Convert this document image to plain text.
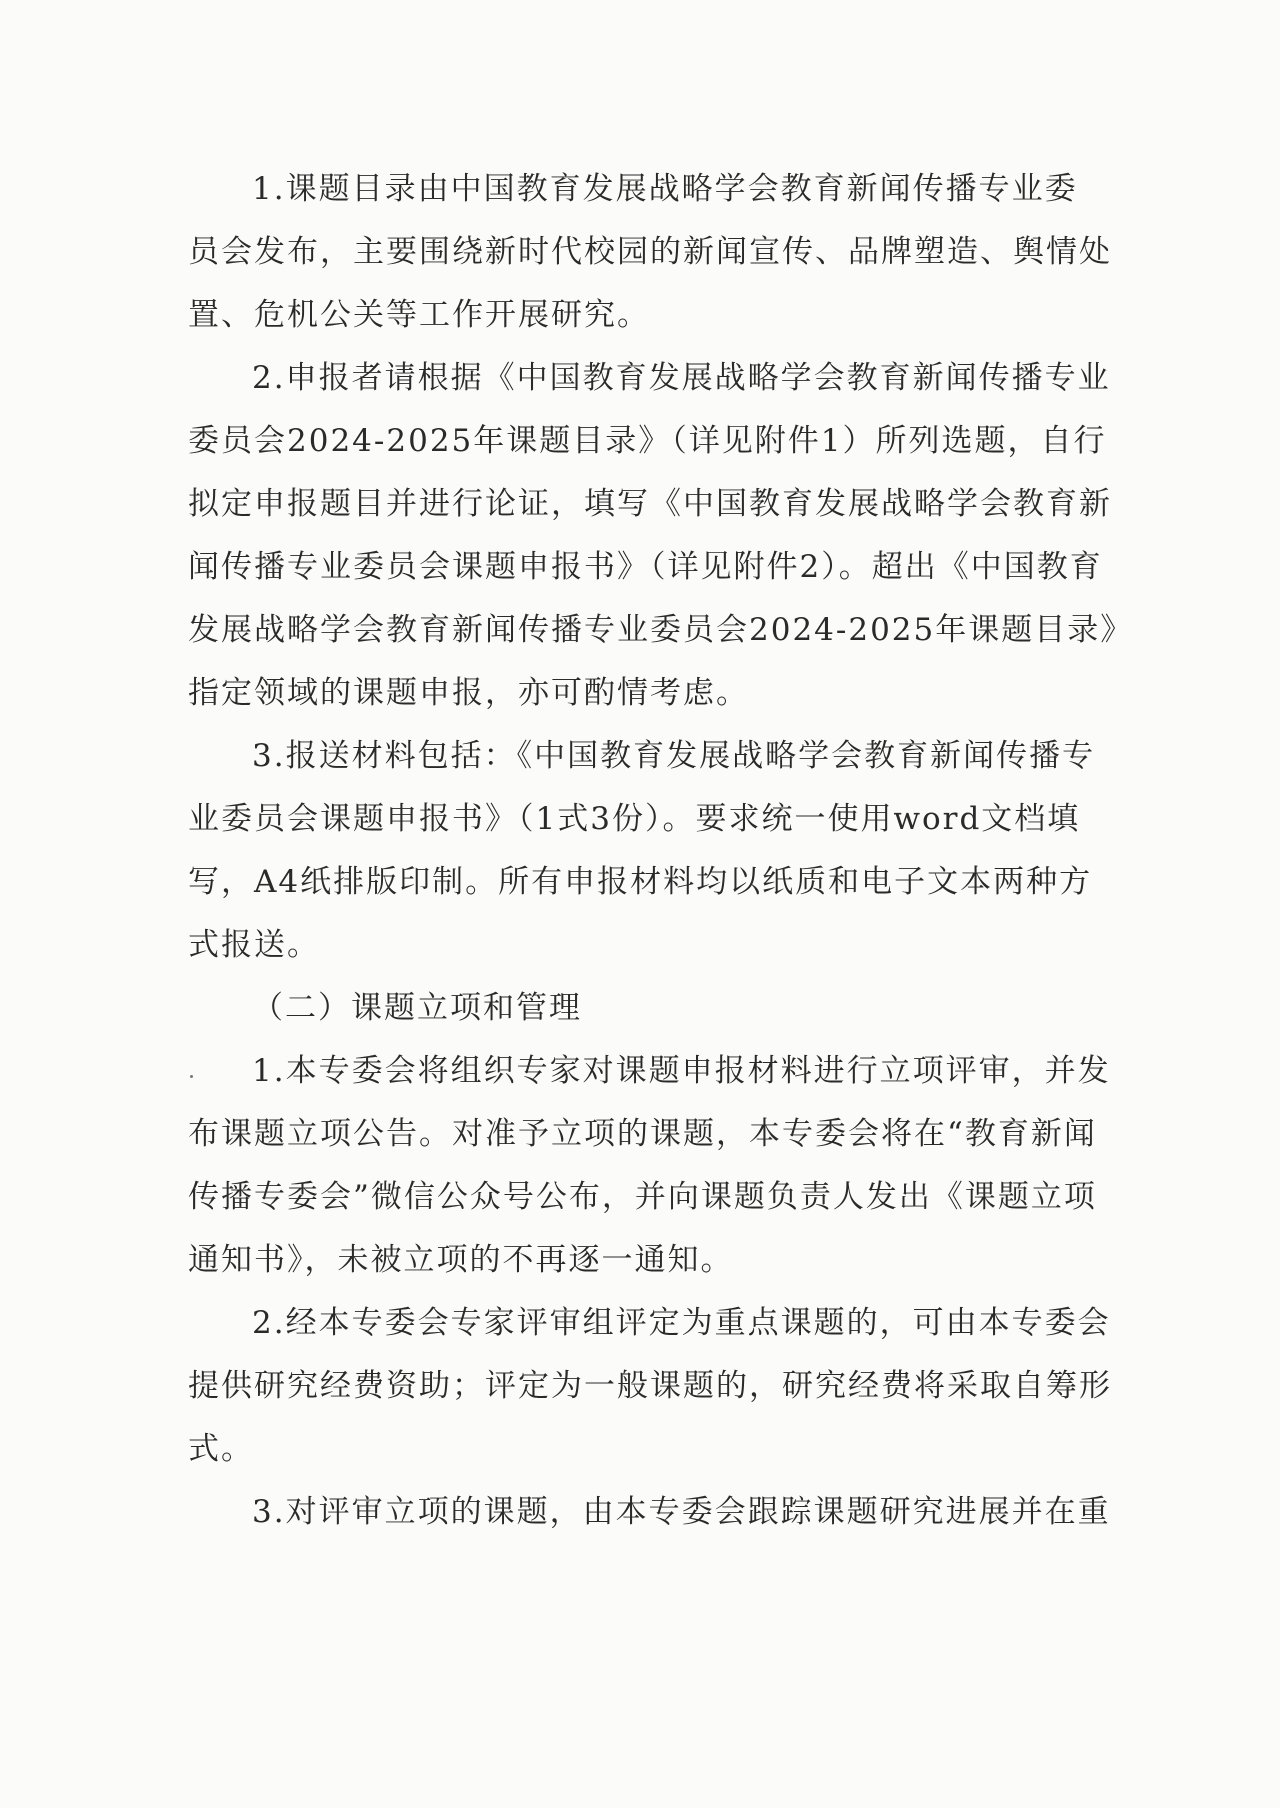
1.课题目录由中国教育发展战略学会教育新闻传播专业委
员会发布，主要围绕新时代校园的新闻宣传、品牌塑造、舆情处
置、危机公关等工作开展研究。

2.申报者请根据《中国教育发展战略学会教育新闻传播专业
委员会2024-2025年课题目录》（详见附件1）所列选题，自行
拟定申报题目并进行论证，填写《中国教育发展战略学会教育新
闻传播专业委员会课题申报书》（详见附件2）。超出《中国教育
发展战略学会教育新闻传播专业委员会2024-2025年课题目录》
指定领域的课题申报，亦可酌情考虑。

3.报送材料包括：《中国教育发展战略学会教育新闻传播专
业委员会课题申报书》（1式3份）。要求统一使用word文档填
写，A4纸排版印制。所有申报材料均以纸质和电子文本两种方
式报送。

（二）课题立项和管理

1.本专委会将组织专家对课题申报材料进行立项评审，并发
布课题立项公告。对准予立项的课题，本专委会将在“教育新闻
传播专委会”微信公众号公布，并向课题负责人发出《课题立项
通知书》，未被立项的不再逐一通知。

2.经本专委会专家评审组评定为重点课题的，可由本专委会
提供研究经费资助；评定为一般课题的，研究经费将采取自筹形
式。

3.对评审立项的课题，由本专委会跟踪课题研究进展并在重
